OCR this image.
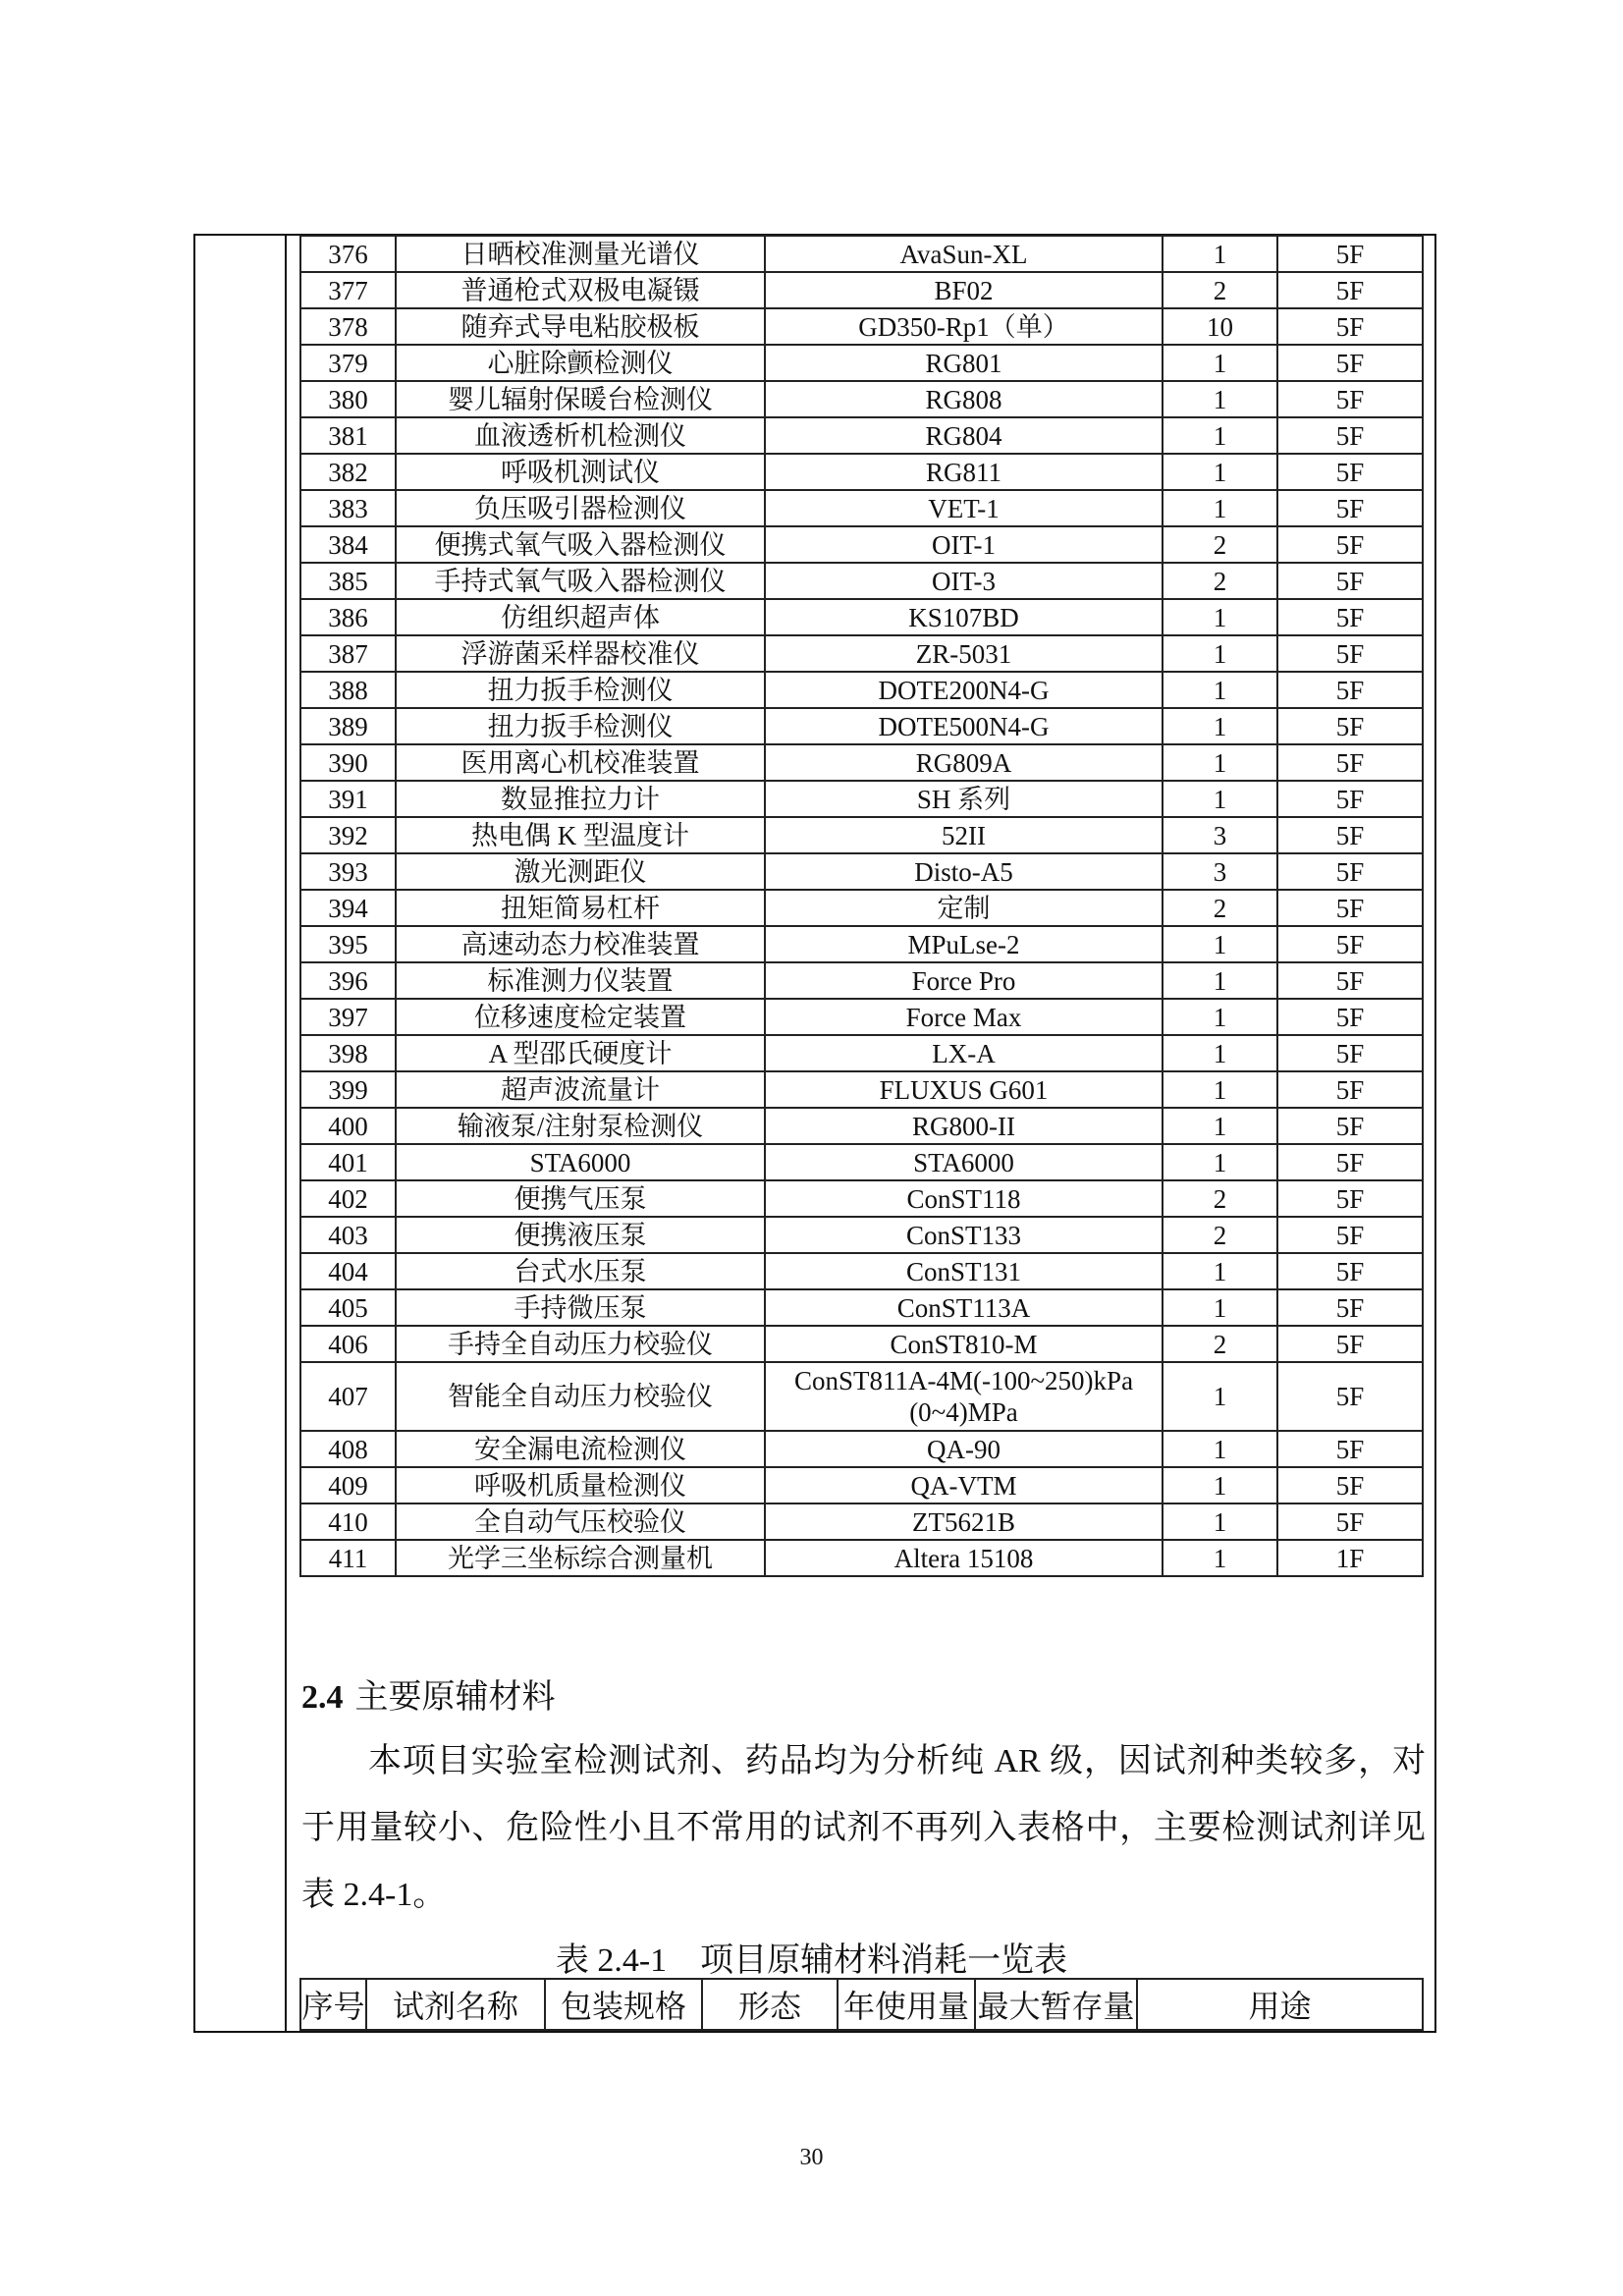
376	日晒校准测量光谱仪	AvaSun-XL	1	5F
377	普通枪式双极电凝镊	BF02	2	5F
378	随弃式导电粘胶极板	GD350-Rp1（单）	10	5F
379	心脏除颤检测仪	RG801	1	5F
380	婴儿辐射保暖台检测仪	RG808	1	5F
381	血液透析机检测仪	RG804	1	5F
382	呼吸机测试仪	RG811	1	5F
383	负压吸引器检测仪	VET-1	1	5F
384	便携式氧气吸入器检测仪	OIT-1	2	5F
385	手持式氧气吸入器检测仪	OIT-3	2	5F
386	仿组织超声体	KS107BD	1	5F
387	浮游菌采样器校准仪	ZR-5031	1	5F
388	扭力扳手检测仪	DOTE200N4-G	1	5F
389	扭力扳手检测仪	DOTE500N4-G	1	5F
390	医用离心机校准装置	RG809A	1	5F
391	数显推拉力计	SH 系列	1	5F
392	热电偶 K 型温度计	52II	3	5F
393	激光测距仪	Disto-A5	3	5F
394	扭矩简易杠杆	定制	2	5F
395	高速动态力校准装置	MPuLse-2	1	5F
396	标准测力仪装置	Force Pro	1	5F
397	位移速度检定装置	Force Max	1	5F
398	A 型邵氏硬度计	LX-A	1	5F
399	超声波流量计	FLUXUS G601	1	5F
400	输液泵/注射泵检测仪	RG800-II	1	5F
401	STA6000	STA6000	1	5F
402	便携气压泵	ConST118	2	5F
403	便携液压泵	ConST133	2	5F
404	台式水压泵	ConST131	1	5F
405	手持微压泵	ConST113A	1	5F
406	手持全自动压力校验仪	ConST810-M	2	5F
407	智能全自动压力校验仪	ConST811A-4M(-100~250)kPa (0~4)MPa	1	5F
408	安全漏电流检测仪	QA-90	1	5F
409	呼吸机质量检测仪	QA-VTM	1	5F
410	全自动气压校验仪	ZT5621B	1	5F
411	光学三坐标综合测量机	Altera 15108	1	1F
2.4 主要原辅材料

本项目实验室检测试剂、药品均为分析纯 AR 级，因试剂种类较多，对于用量较小、危险性小且不常用的试剂不再列入表格中，主要检测试剂详见表 2.4-1。

表 2.4-1　项目原辅材料消耗一览表
序号	试剂名称	包装规格	形态	年使用量	最大暂存量	用途
30
